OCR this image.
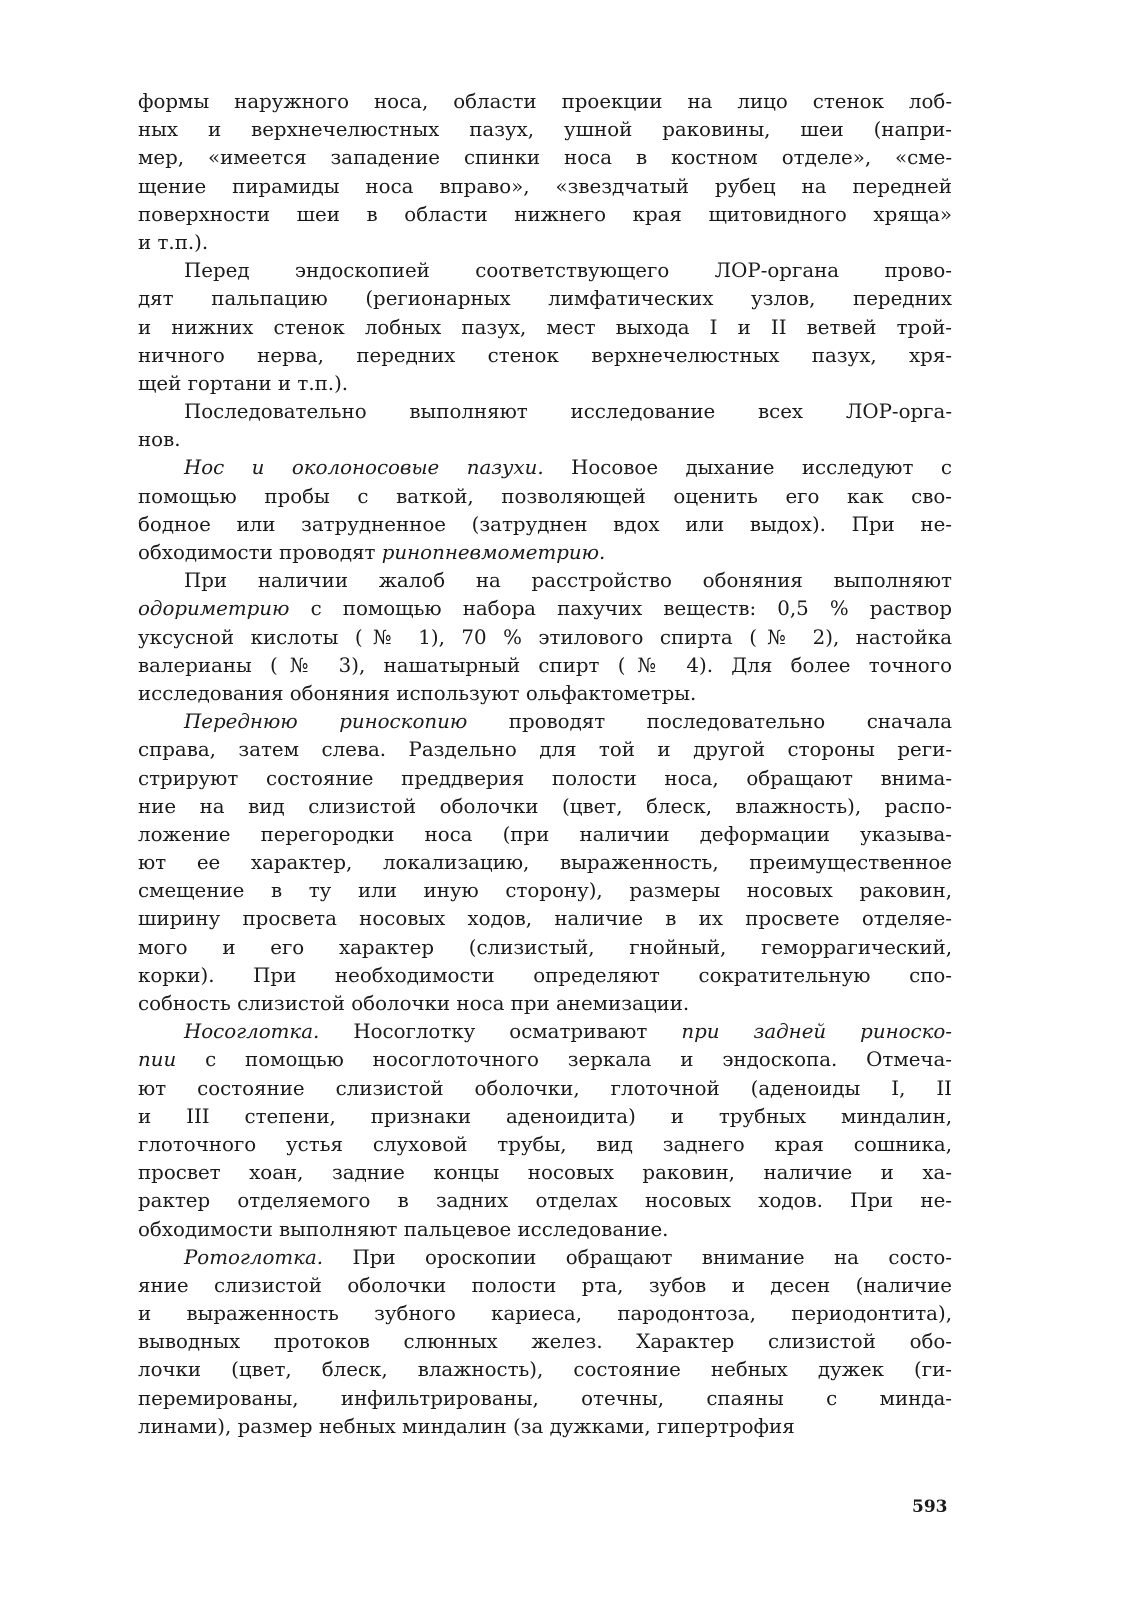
формы наружного носа, области проекции на лицо стенок лоб-
ных и верхнечелюстных пазух, ушной раковины, шеи (напри-
мер, «имеется западение спинки носа в костном отделе», «сме-
щение пирамиды носа вправо», «звездчатый рубец на передней
поверхности шеи в области нижнего края щитовидного хряща»
и т.п.).
Перед эндоскопией соответствующего ЛОР-органа прово-
дят пальпацию (регионарных лимфатических узлов, передних
и нижних стенок лобных пазух, мест выхода I и II ветвей трой-
ничного нерва, передних стенок верхнечелюстных пазух, хря-
щей гортани и т.п.).
Последовательно выполняют исследование всех ЛОР-орга-
нов.
Нос и околоносовые пазухи. Носовое дыхание исследуют с
помощью пробы с ваткой, позволяющей оценить его как сво-
бодное или затрудненное (затруднен вдох или выдох). При не-
обходимости проводят ринопневмометрию.
При наличии жалоб на расстройство обоняния выполняют
одориметрию с помощью набора пахучих веществ: 0,5 % раствор
уксусной кислоты (№ 1), 70 % этилового спирта (№ 2), настойка
валерианы (№ 3), нашатырный спирт (№ 4). Для более точного
исследования обоняния используют ольфактометры.
Переднюю риноскопию проводят последовательно сначала
справа, затем слева. Раздельно для той и другой стороны реги-
стрируют состояние преддверия полости носа, обращают внима-
ние на вид слизистой оболочки (цвет, блеск, влажность), распо-
ложение перегородки носа (при наличии деформации указыва-
ют ее характер, локализацию, выраженность, преимущественное
смещение в ту или иную сторону), размеры носовых раковин,
ширину просвета носовых ходов, наличие в их просвете отделяе-
мого и его характер (слизистый, гнойный, геморрагический,
корки). При необходимости определяют сократительную спо-
собность слизистой оболочки носа при анемизации.
Носоглотка. Носоглотку осматривают при задней риноско-
пии с помощью носоглоточного зеркала и эндоскопа. Отмеча-
ют состояние слизистой оболочки, глоточной (аденоиды I, II
и III степени, признаки аденоидита) и трубных миндалин,
глоточного устья слуховой трубы, вид заднего края сошника,
просвет хоан, задние концы носовых раковин, наличие и ха-
рактер отделяемого в задних отделах носовых ходов. При не-
обходимости выполняют пальцевое исследование.
Ротоглотка. При ороскопии обращают внимание на состо-
яние слизистой оболочки полости рта, зубов и десен (наличие
и выраженность зубного кариеса, пародонтоза, периодонтита),
выводных протоков слюнных желез. Характер слизистой обо-
лочки (цвет, блеск, влажность), состояние небных дужек (ги-
перемированы, инфильтрированы, отечны, спаяны с минда-
линами), размер небных миндалин (за дужками, гипертрофия
593
